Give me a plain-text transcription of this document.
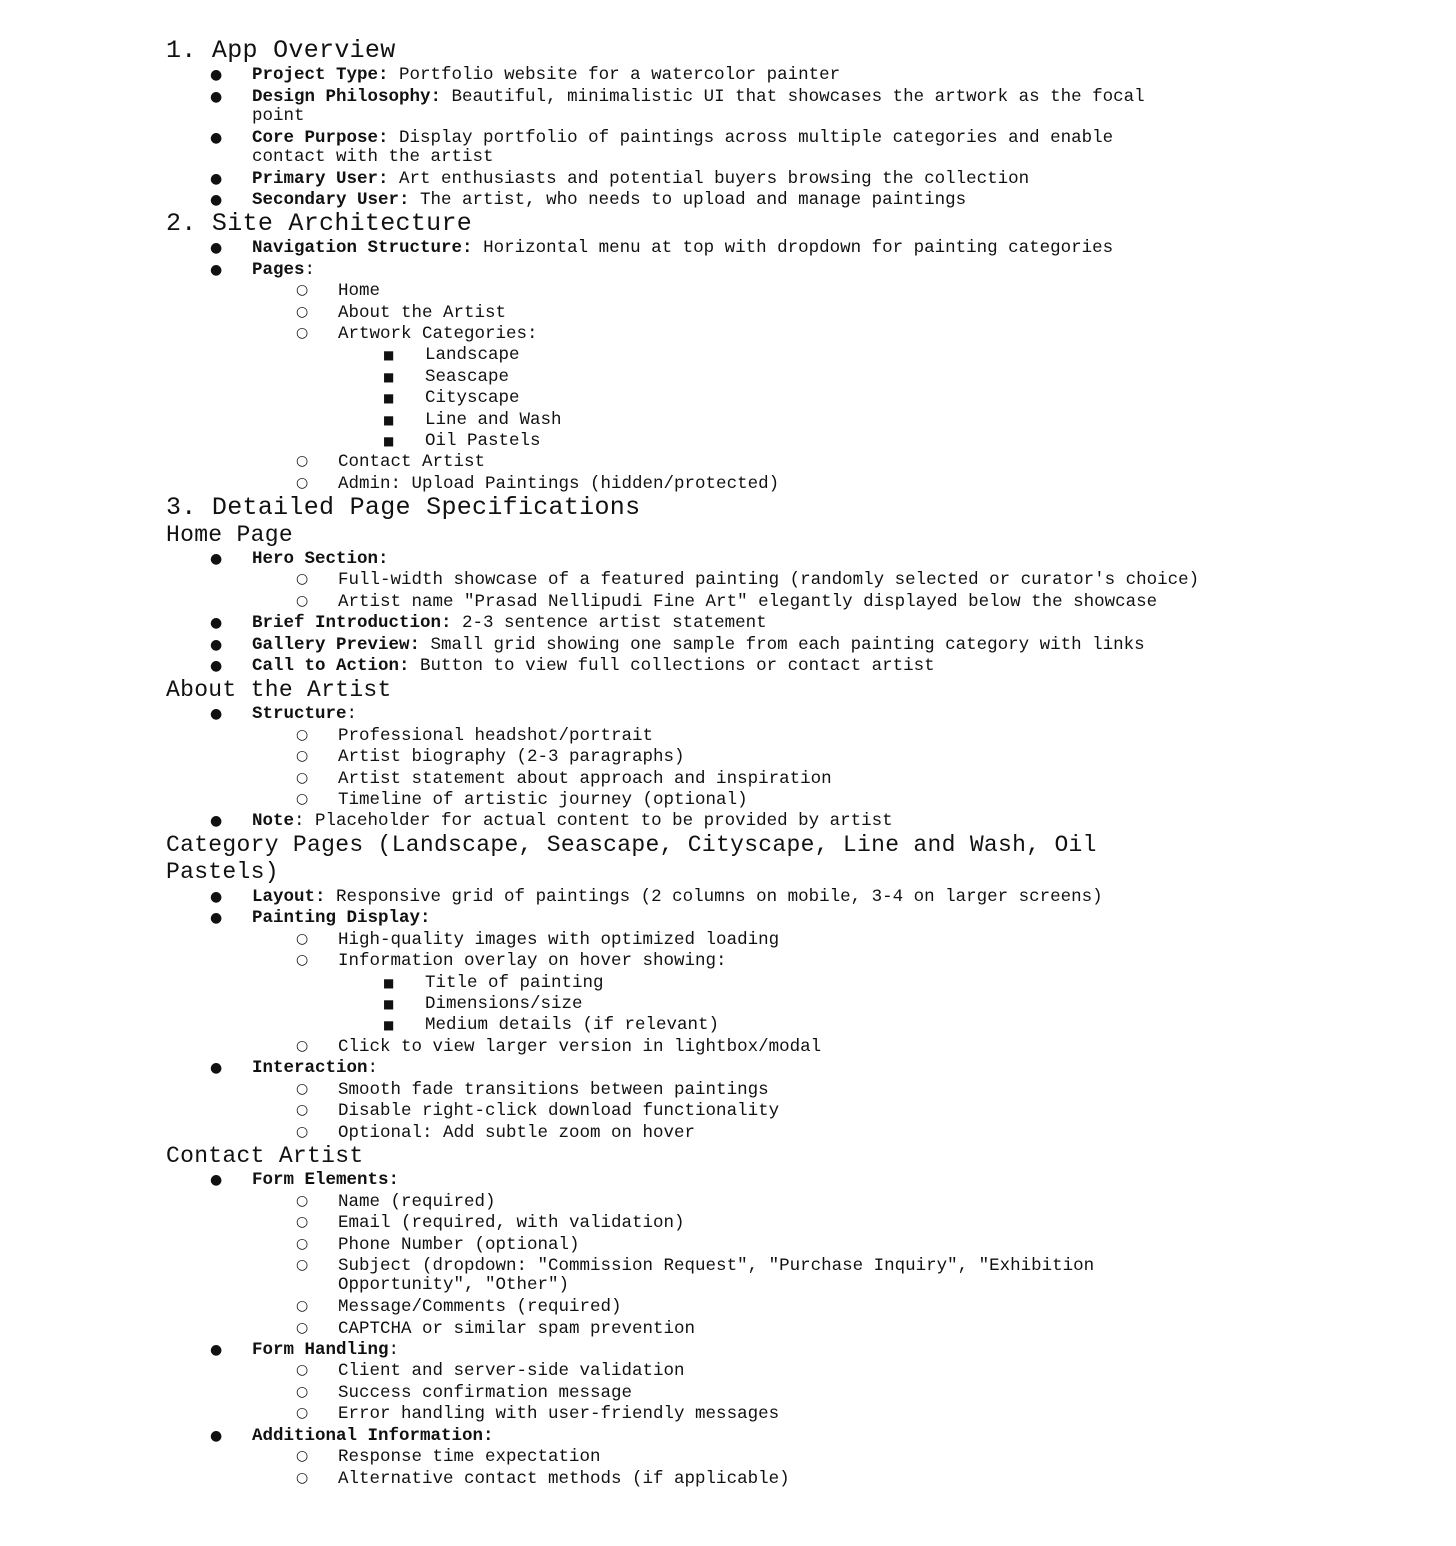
1. App Overview

●

Project Type: Portfolio website for a watercolor painter

●

Design Philosophy: Beautiful, minimalistic UI that showcases the artwork as the focal

point

●

Core Purpose: Display portfolio of paintings across multiple categories and enable

contact with the artist

●

Primary User: Art enthusiasts and potential buyers browsing the collection

●

Secondary User: The artist, who needs to upload and manage paintings

2. Site Architecture

●

Navigation Structure: Horizontal menu at top with dropdown for painting categories

●

Pages:

○

Home

○

About the Artist

○

Artwork Categories:

■

Landscape

■

Seascape

■

Cityscape

■

Line and Wash

■

Oil Pastels

○

Contact Artist

○

Admin: Upload Paintings (hidden/protected)

3. Detailed Page Specifications
Home Page

●

Hero Section:

○

Full-width showcase of a featured painting (randomly selected or curator's choice)

○

Artist name "Prasad Nellipudi Fine Art" elegantly displayed below the showcase

●

Brief Introduction: 2-3 sentence artist statement

●

Gallery Preview: Small grid showing one sample from each painting category with links

●

Call to Action: Button to view full collections or contact artist

About the Artist

●

Structure:

○

Professional headshot/portrait

○

Artist biography (2-3 paragraphs)

○

Artist statement about approach and inspiration

○

Timeline of artistic journey (optional)

●

Note: Placeholder for actual content to be provided by artist

Category Pages (Landscape, Seascape, Cityscape, Line and Wash, Oil
Pastels)

●

Layout: Responsive grid of paintings (2 columns on mobile, 3-4 on larger screens)

●

Painting Display:

○

High-quality images with optimized loading

○

Information overlay on hover showing:

■

Title of painting

■

Dimensions/size

■

Medium details (if relevant)

○

Click to view larger version in lightbox/modal

●

Interaction:

○

Smooth fade transitions between paintings

○

Disable right-click download functionality

○

Optional: Add subtle zoom on hover

Contact Artist

●

Form Elements:

○

Name (required)

○

Email (required, with validation)

○

Phone Number (optional)

○

Subject (dropdown: "Commission Request", "Purchase Inquiry", "Exhibition

Opportunity", "Other")

○

Message/Comments (required)

○

CAPTCHA or similar spam prevention

●

Form Handling:

○

Client and server-side validation

○

Success confirmation message

○

Error handling with user-friendly messages

●

Additional Information:

○

Response time expectation

○

Alternative contact methods (if applicable)
